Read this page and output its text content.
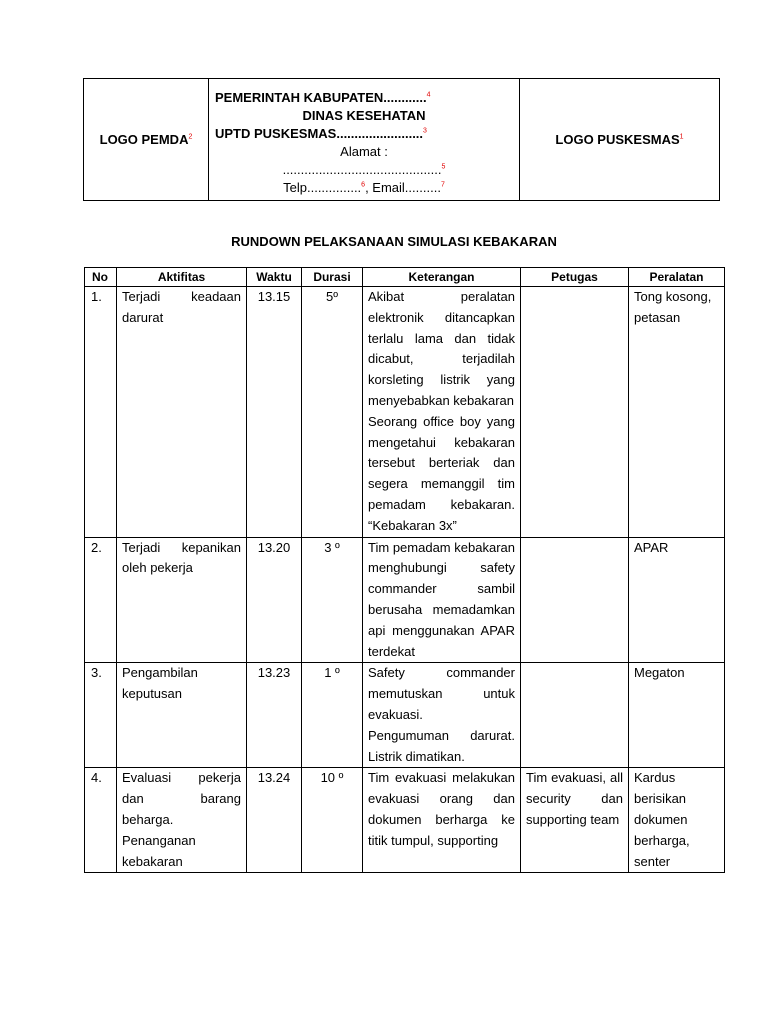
LOGO PEMDA$^2$	
PEMERINTAH KABUPATEN............$^4$
DINAS KESEHATAN
UPTD PUSKESMAS........................$^3$
Alamat :
............................................$^5$
Telp...............$^6$, Email..........$^7$
	LOGO PUSKESMAS$^1$
RUNDOWN PELAKSANAAN SIMULASI KEBAKARAN
No	Aktifitas	Waktu	Durasi	Keterangan	Petugas	Peralatan
1.	Terjadi keadaan darurat	13.15	5º	Akibat peralatan elektronik ditancapkan terlalu lama dan tidak dicabut, terjadilah korsleting listrik yang menyebabkan kebakaran
Seorang office boy yang mengetahui kebakaran tersebut berteriak dan segera memanggil tim pemadam kebakaran. “Kebakaran 3x”		Tong kosong, petasan
2.	Terjadi kepanikan oleh pekerja	13.20	3 º	Tim pemadam kebakaran menghubungi safety commander sambil berusaha memadamkan api menggunakan APAR terdekat		APAR
3.	Pengambilan keputusan	13.23	1 º	Safety commander memutuskan untuk evakuasi.
Pengumuman darurat. Listrik dimatikan.		Megaton
4.	Evaluasi pekerja dan barang beharga.
Penanganan kebakaran	13.24	10 º	Tim evakuasi melakukan evakuasi orang dan dokumen berharga ke titik tumpul, supporting	Tim evakuasi, all security dan supporting team	Kardus berisikan dokumen berharga, senter
